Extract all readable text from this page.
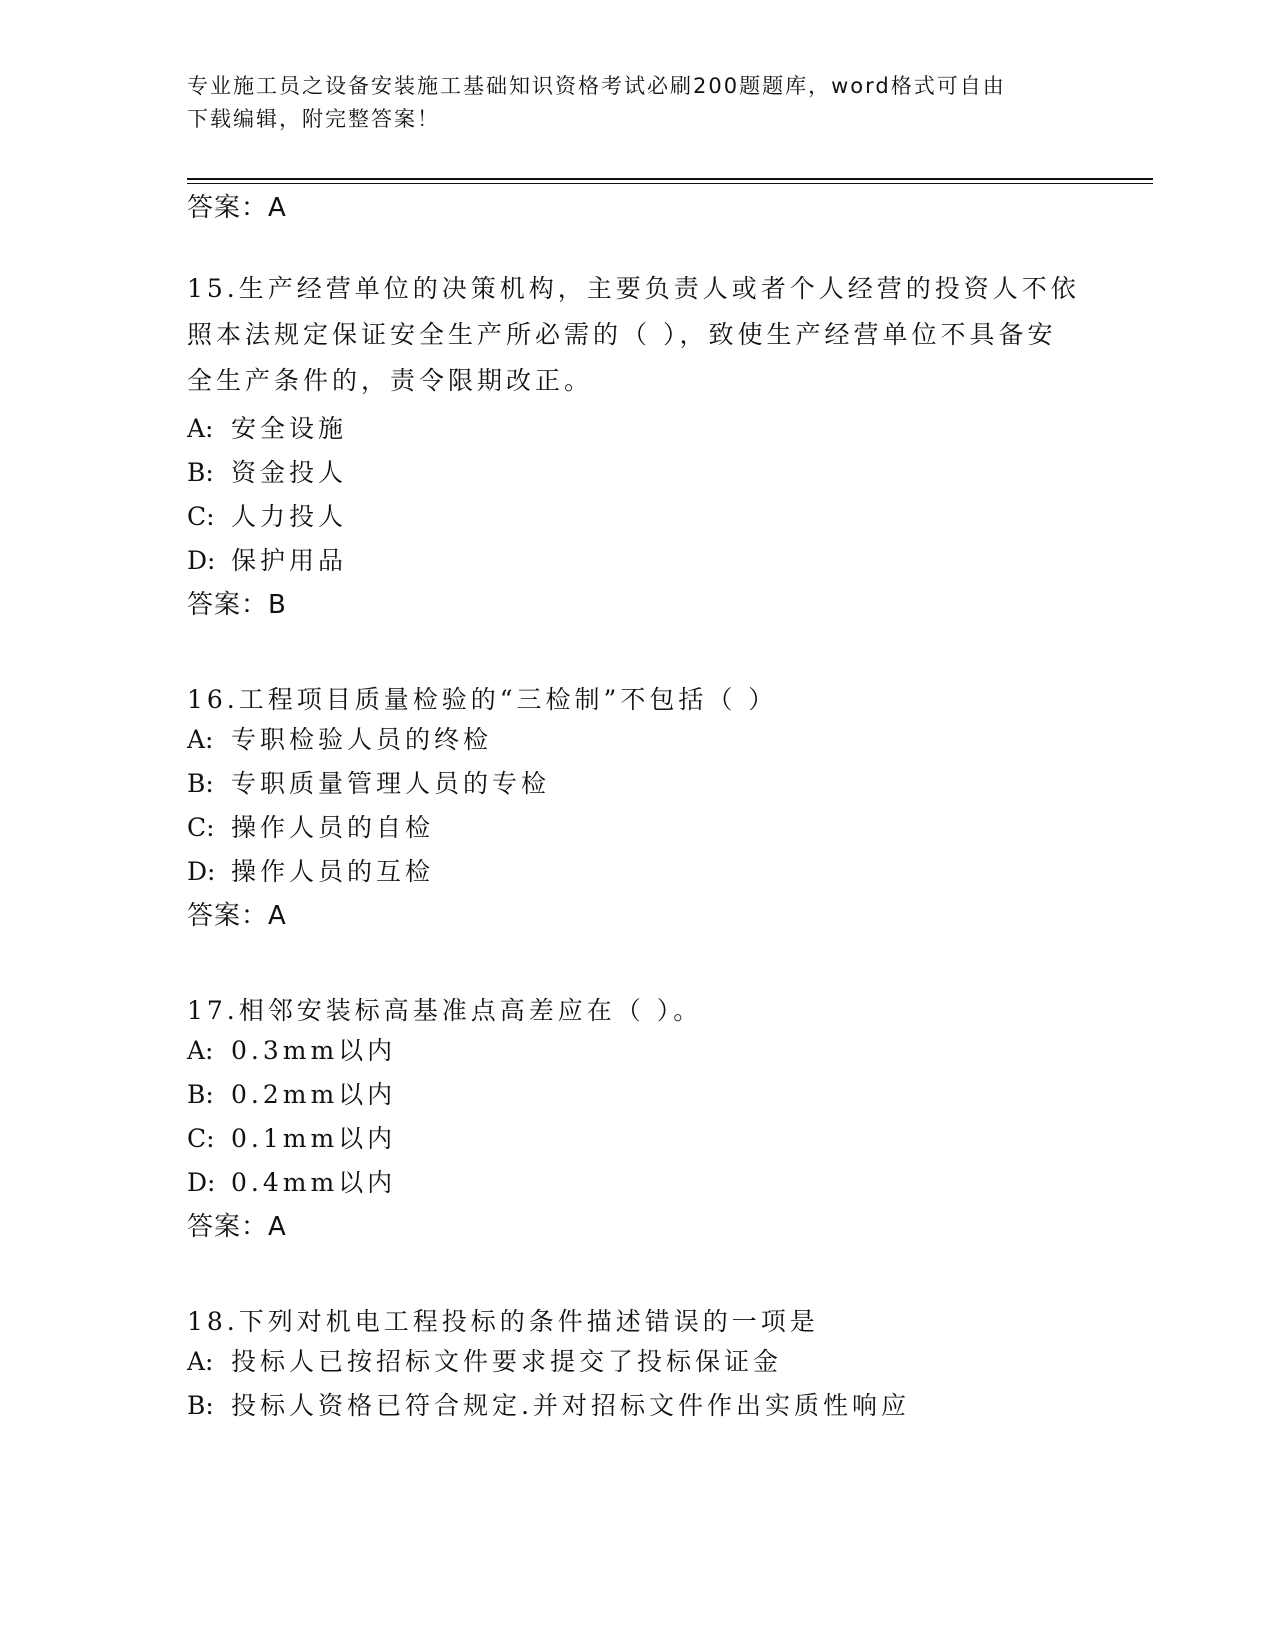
专业施工员之设备安装施工基础知识资格考试必刷200题题库，word格式可自由
下载编辑，附完整答案！
答案：A
15.生产经营单位的决策机构，主要负责人或者个人经营的投资人不依
照本法规定保证安全生产所必需的（ ），致使生产经营单位不具备安
全生产条件的，责令限期改正。
A: 安全设施
B: 资金投人
C: 人力投人
D: 保护用品
答案：B
16.工程项目质量检验的“三检制”不包括（ ）
A: 专职检验人员的终检
B: 专职质量管理人员的专检
C: 操作人员的自检
D: 操作人员的互检
答案：A
17.相邻安装标高基准点高差应在（ ）。
A: 0.3mm以内
B: 0.2mm以内
C: 0.1mm以内
D: 0.4mm以内
答案：A
18.下列对机电工程投标的条件描述错误的一项是
A: 投标人已按招标文件要求提交了投标保证金
B: 投标人资格已符合规定.并对招标文件作出实质性响应
